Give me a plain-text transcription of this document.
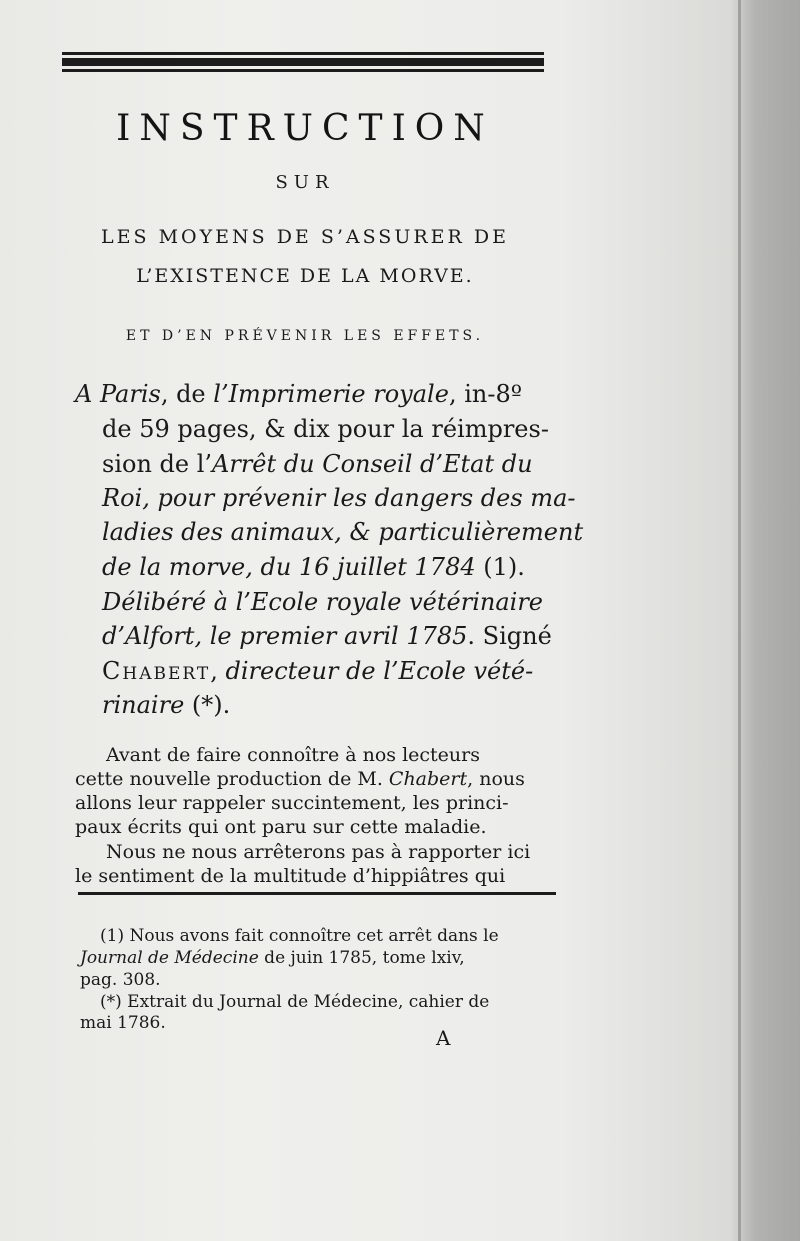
INSTRUCTION
SUR
LES MOYENS DE S’ASSURER DE
L’EXISTENCE DE LA MORVE.
ET D’EN PRÉVENIR LES EFFETS.
A Paris, de l’Imprimerie royale, in-8º
de 59 pages, & dix pour la réimpres-
sion de l’Arrêt du Conseil d’Etat du
Roi, pour prévenir les dangers des ma-
ladies des animaux, & particulièrement
de la morve, du 16 juillet 1784 (1).
Délibéré à l’Ecole royale vétérinaire
d’Alfort, le premier avril 1785. Signé
Chabert, directeur de l’Ecole vété-
rinaire (*).
Avant de faire connoître à nos lecteurs
cette nouvelle production de M. Chabert, nous
allons leur rappeler succintement, les princi-
paux écrits qui ont paru sur cette maladie.
Nous ne nous arrêterons pas à rapporter ici
le sentiment de la multitude d’hippiâtres qui
(1) Nous avons fait connoître cet arrêt dans le
Journal de Médecine de juin 1785, tome lxiv,
pag. 308.
(*) Extrait du Journal de Médecine, cahier de
mai 1786.
A
